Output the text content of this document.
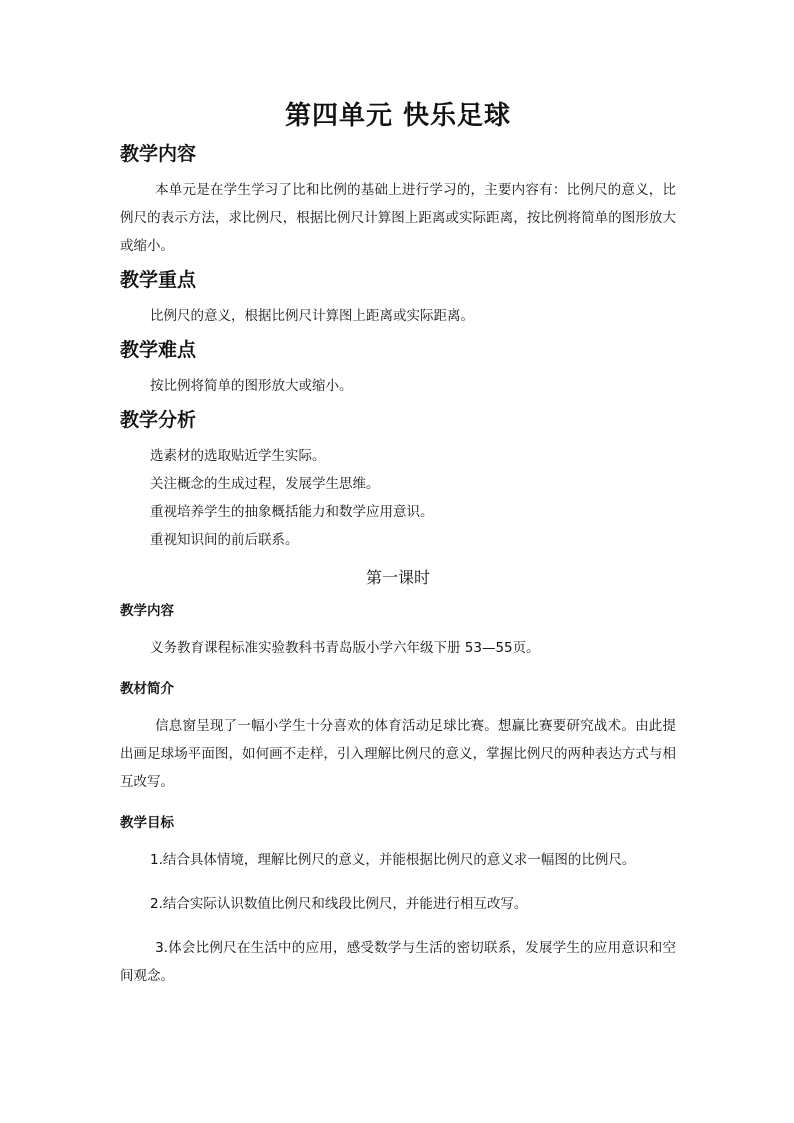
第四单元 快乐足球
教学内容

本单元是在学生学习了比和比例的基础上进行学习的，主要内容有：比例尺的意义，比例尺的表示方法，求比例尺，根据比例尺计算图上距离或实际距离，按比例将简单的图形放大或缩小。

教学重点

比例尺的意义，根据比例尺计算图上距离或实际距离。

教学难点

按比例将简单的图形放大或缩小。

教学分析

选素材的选取贴近学生实际。

关注概念的生成过程，发展学生思维。

重视培养学生的抽象概括能力和数学应用意识。

重视知识间的前后联系。

第一课时
教学内容

义务教育课程标准实验教科书青岛版小学六年级下册 53—55页。

教材简介

信息窗呈现了一幅小学生十分喜欢的体育活动足球比赛。想赢比赛要研究战术。由此提出画足球场平面图，如何画不走样，引入理解比例尺的意义，掌握比例尺的两种表达方式与相互改写。

教学目标

1.结合具体情境，理解比例尺的意义，并能根据比例尺的意义求一幅图的比例尺。

2.结合实际认识数值比例尺和线段比例尺，并能进行相互改写。

3.体会比例尺在生活中的应用，感受数学与生活的密切联系，发展学生的应用意识和空间观念。
